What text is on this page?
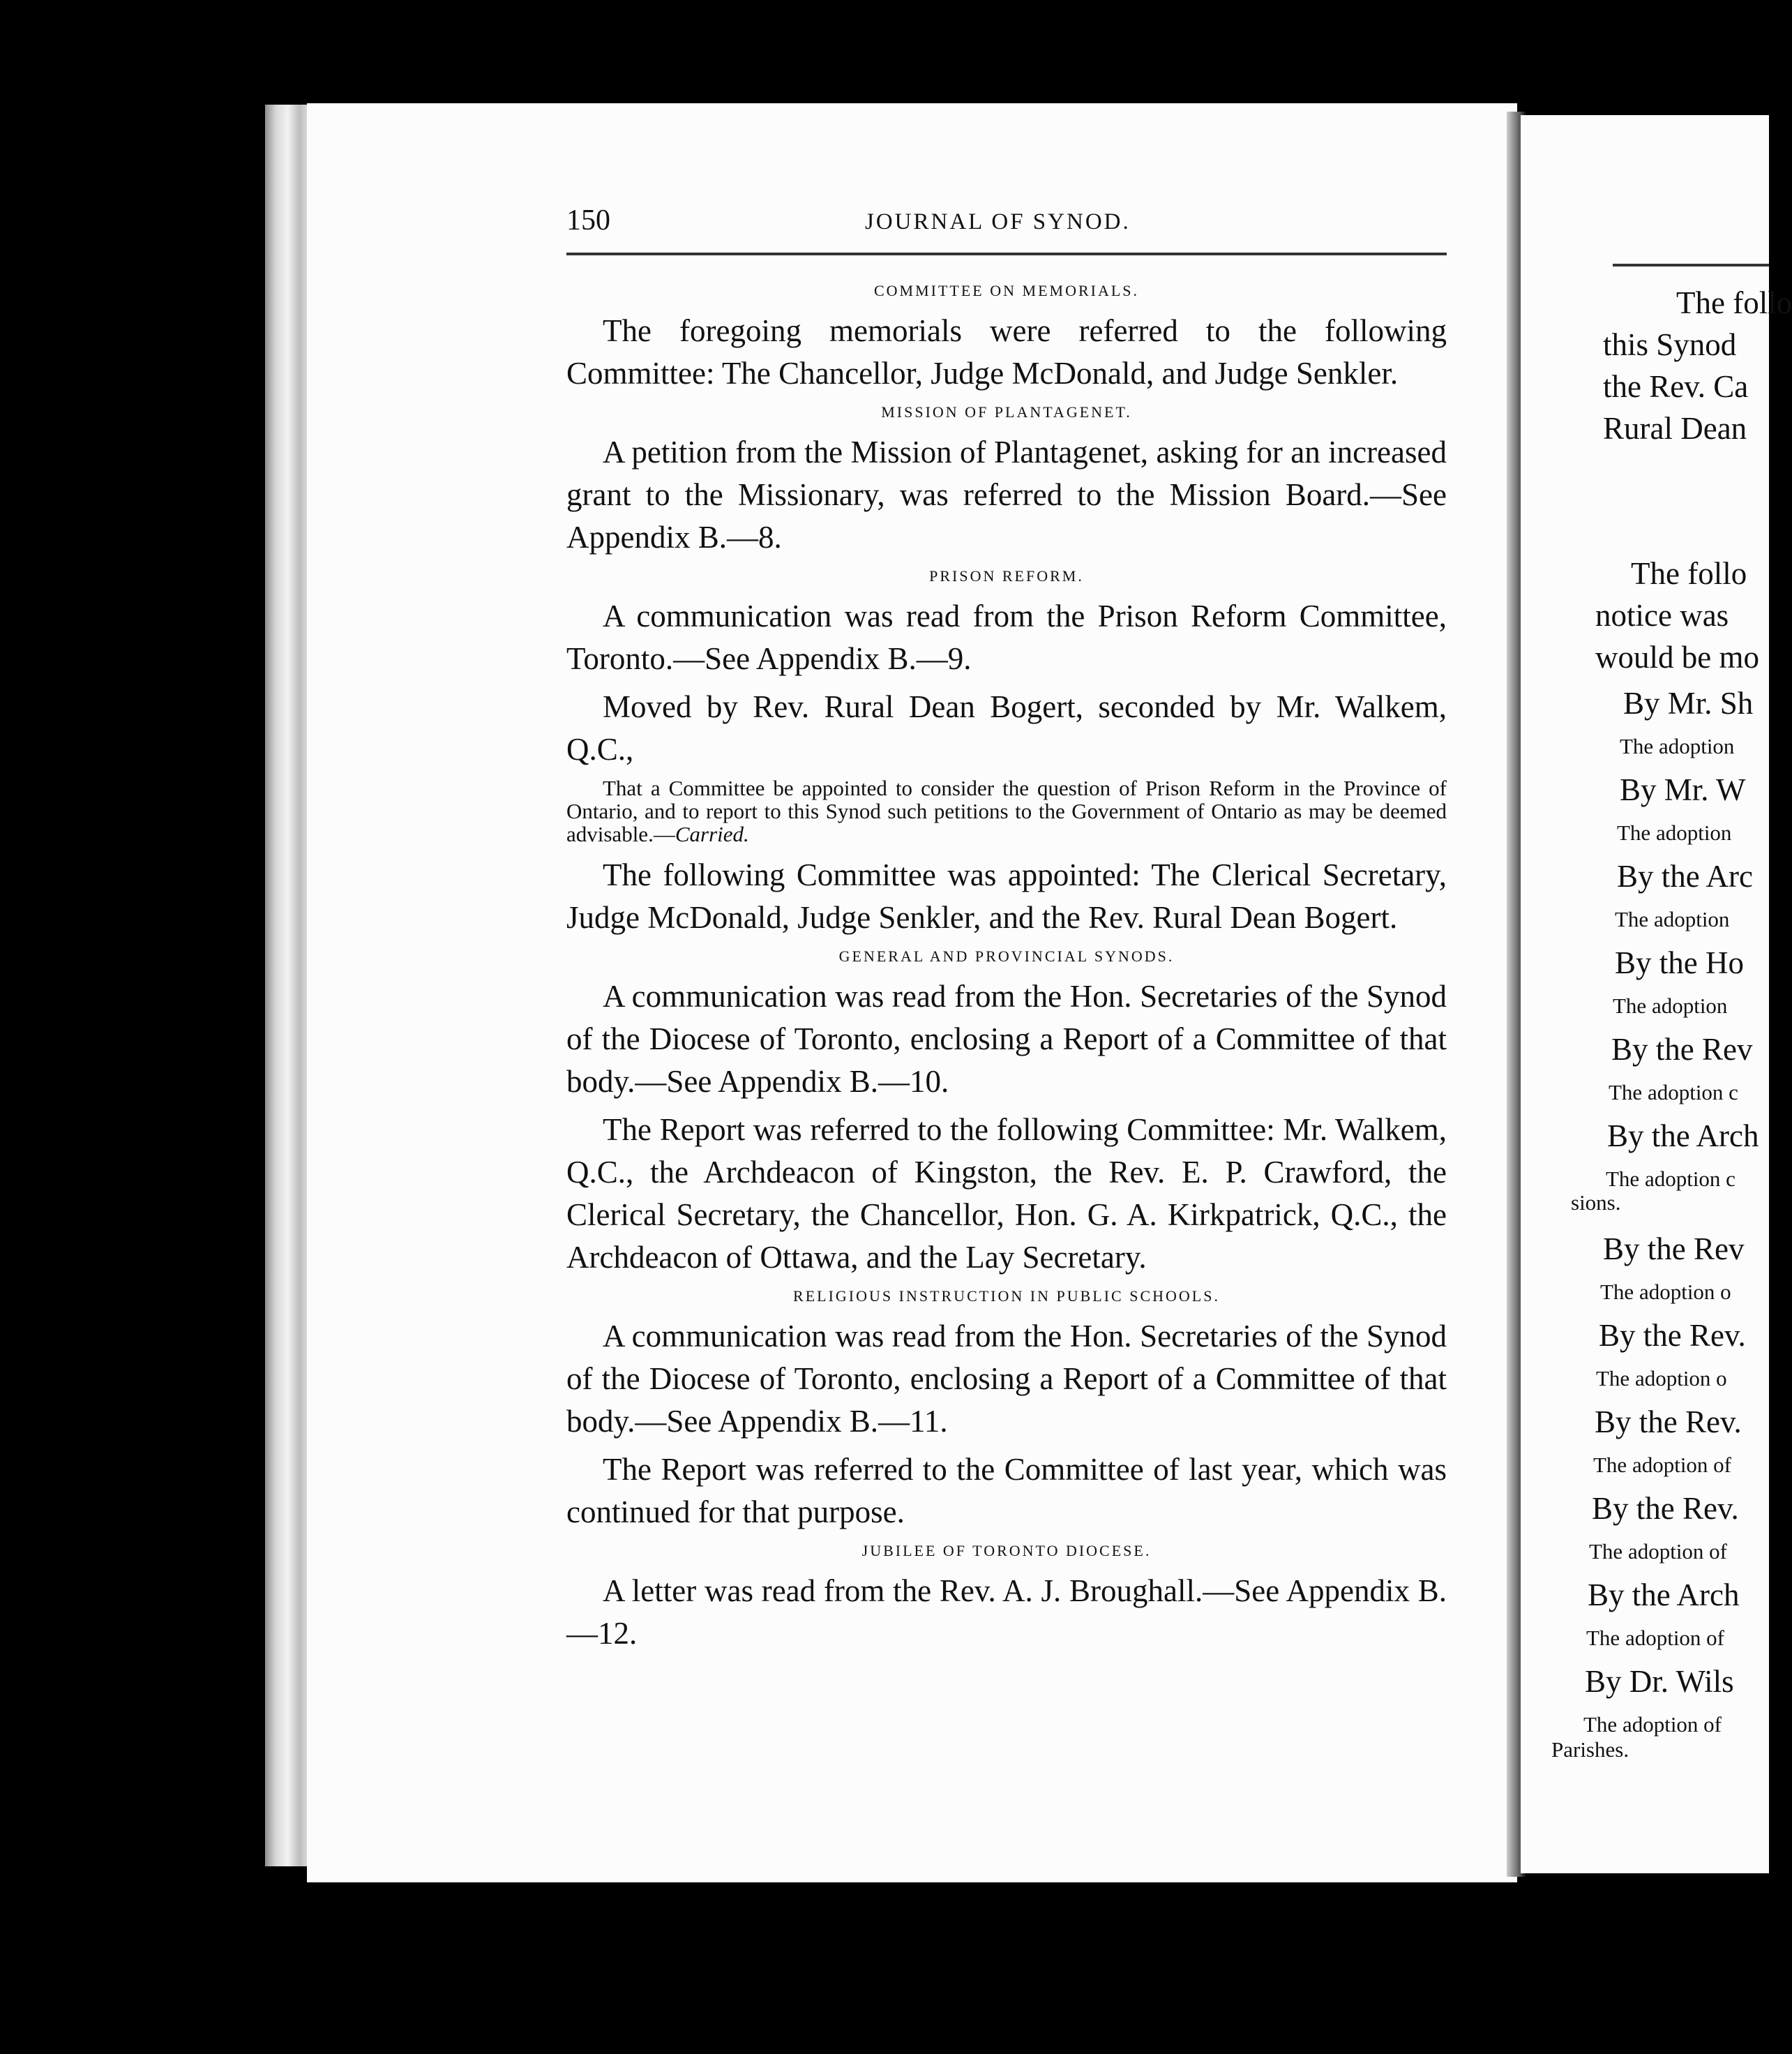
150	JOURNAL OF SYNOD.
COMMITTEE ON MEMORIALS.

The foregoing memorials were referred to the following Committee: The Chancellor, Judge McDonald, and Judge Senkler.

MISSION OF PLANTAGENET.

A petition from the Mission of Plantagenet, asking for an increased grant to the Missionary, was referred to the Mission Board.—See Appendix B.—8.

PRISON REFORM.

A communication was read from the Prison Reform Committee, Toronto.—See Appendix B.—9.

Moved by Rev. Rural Dean Bogert, seconded by Mr. Walkem, Q.C.,

That a Committee be appointed to consider the question of Prison Reform in the Province of Ontario, and to report to this Synod such petitions to the Government of Ontario as may be deemed advisable.—Carried.

The following Committee was appointed: The Clerical Secretary, Judge McDonald, Judge Senkler, and the Rev. Rural Dean Bogert.

GENERAL AND PROVINCIAL SYNODS.

A communication was read from the Hon. Secretaries of the Synod of the Diocese of Toronto, enclosing a Report of a Committee of that body.—See Appendix B.—10.

The Report was referred to the following Committee: Mr. Walkem, Q.C., the Archdeacon of Kingston, the Rev. E. P. Crawford, the Clerical Secretary, the Chancellor, Hon. G. A. Kirkpatrick, Q.C., the Archdeacon of Ottawa, and the Lay Secretary.

RELIGIOUS INSTRUCTION IN PUBLIC SCHOOLS.

A communication was read from the Hon. Secretaries of the Synod of the Diocese of Toronto, enclosing a Report of a Committee of that body.—See Appendix B.—11.

The Report was referred to the Committee of last year, which was continued for that purpose.

JUBILEE OF TORONTO DIOCESE.

A letter was read from the Rev. A. J. Broughall.—See Appendix B.—12.

The follo
this Synod
the Rev. Ca
Rural Dean
The follo
notice was
would be mo
By Mr. Sh
The adoption
By Mr. W
The adoption
By the Arc
The adoption
By the Ho
The adoption
By the Rev
The adoption c
By the Arch
The adoption c
sions.
By the Rev
The adoption o
By the Rev.
The adoption o
By the Rev.
The adoption of
By the Rev.
The adoption of
By the Arch
The adoption of
By Dr. Wils
The adoption of
Parishes.
